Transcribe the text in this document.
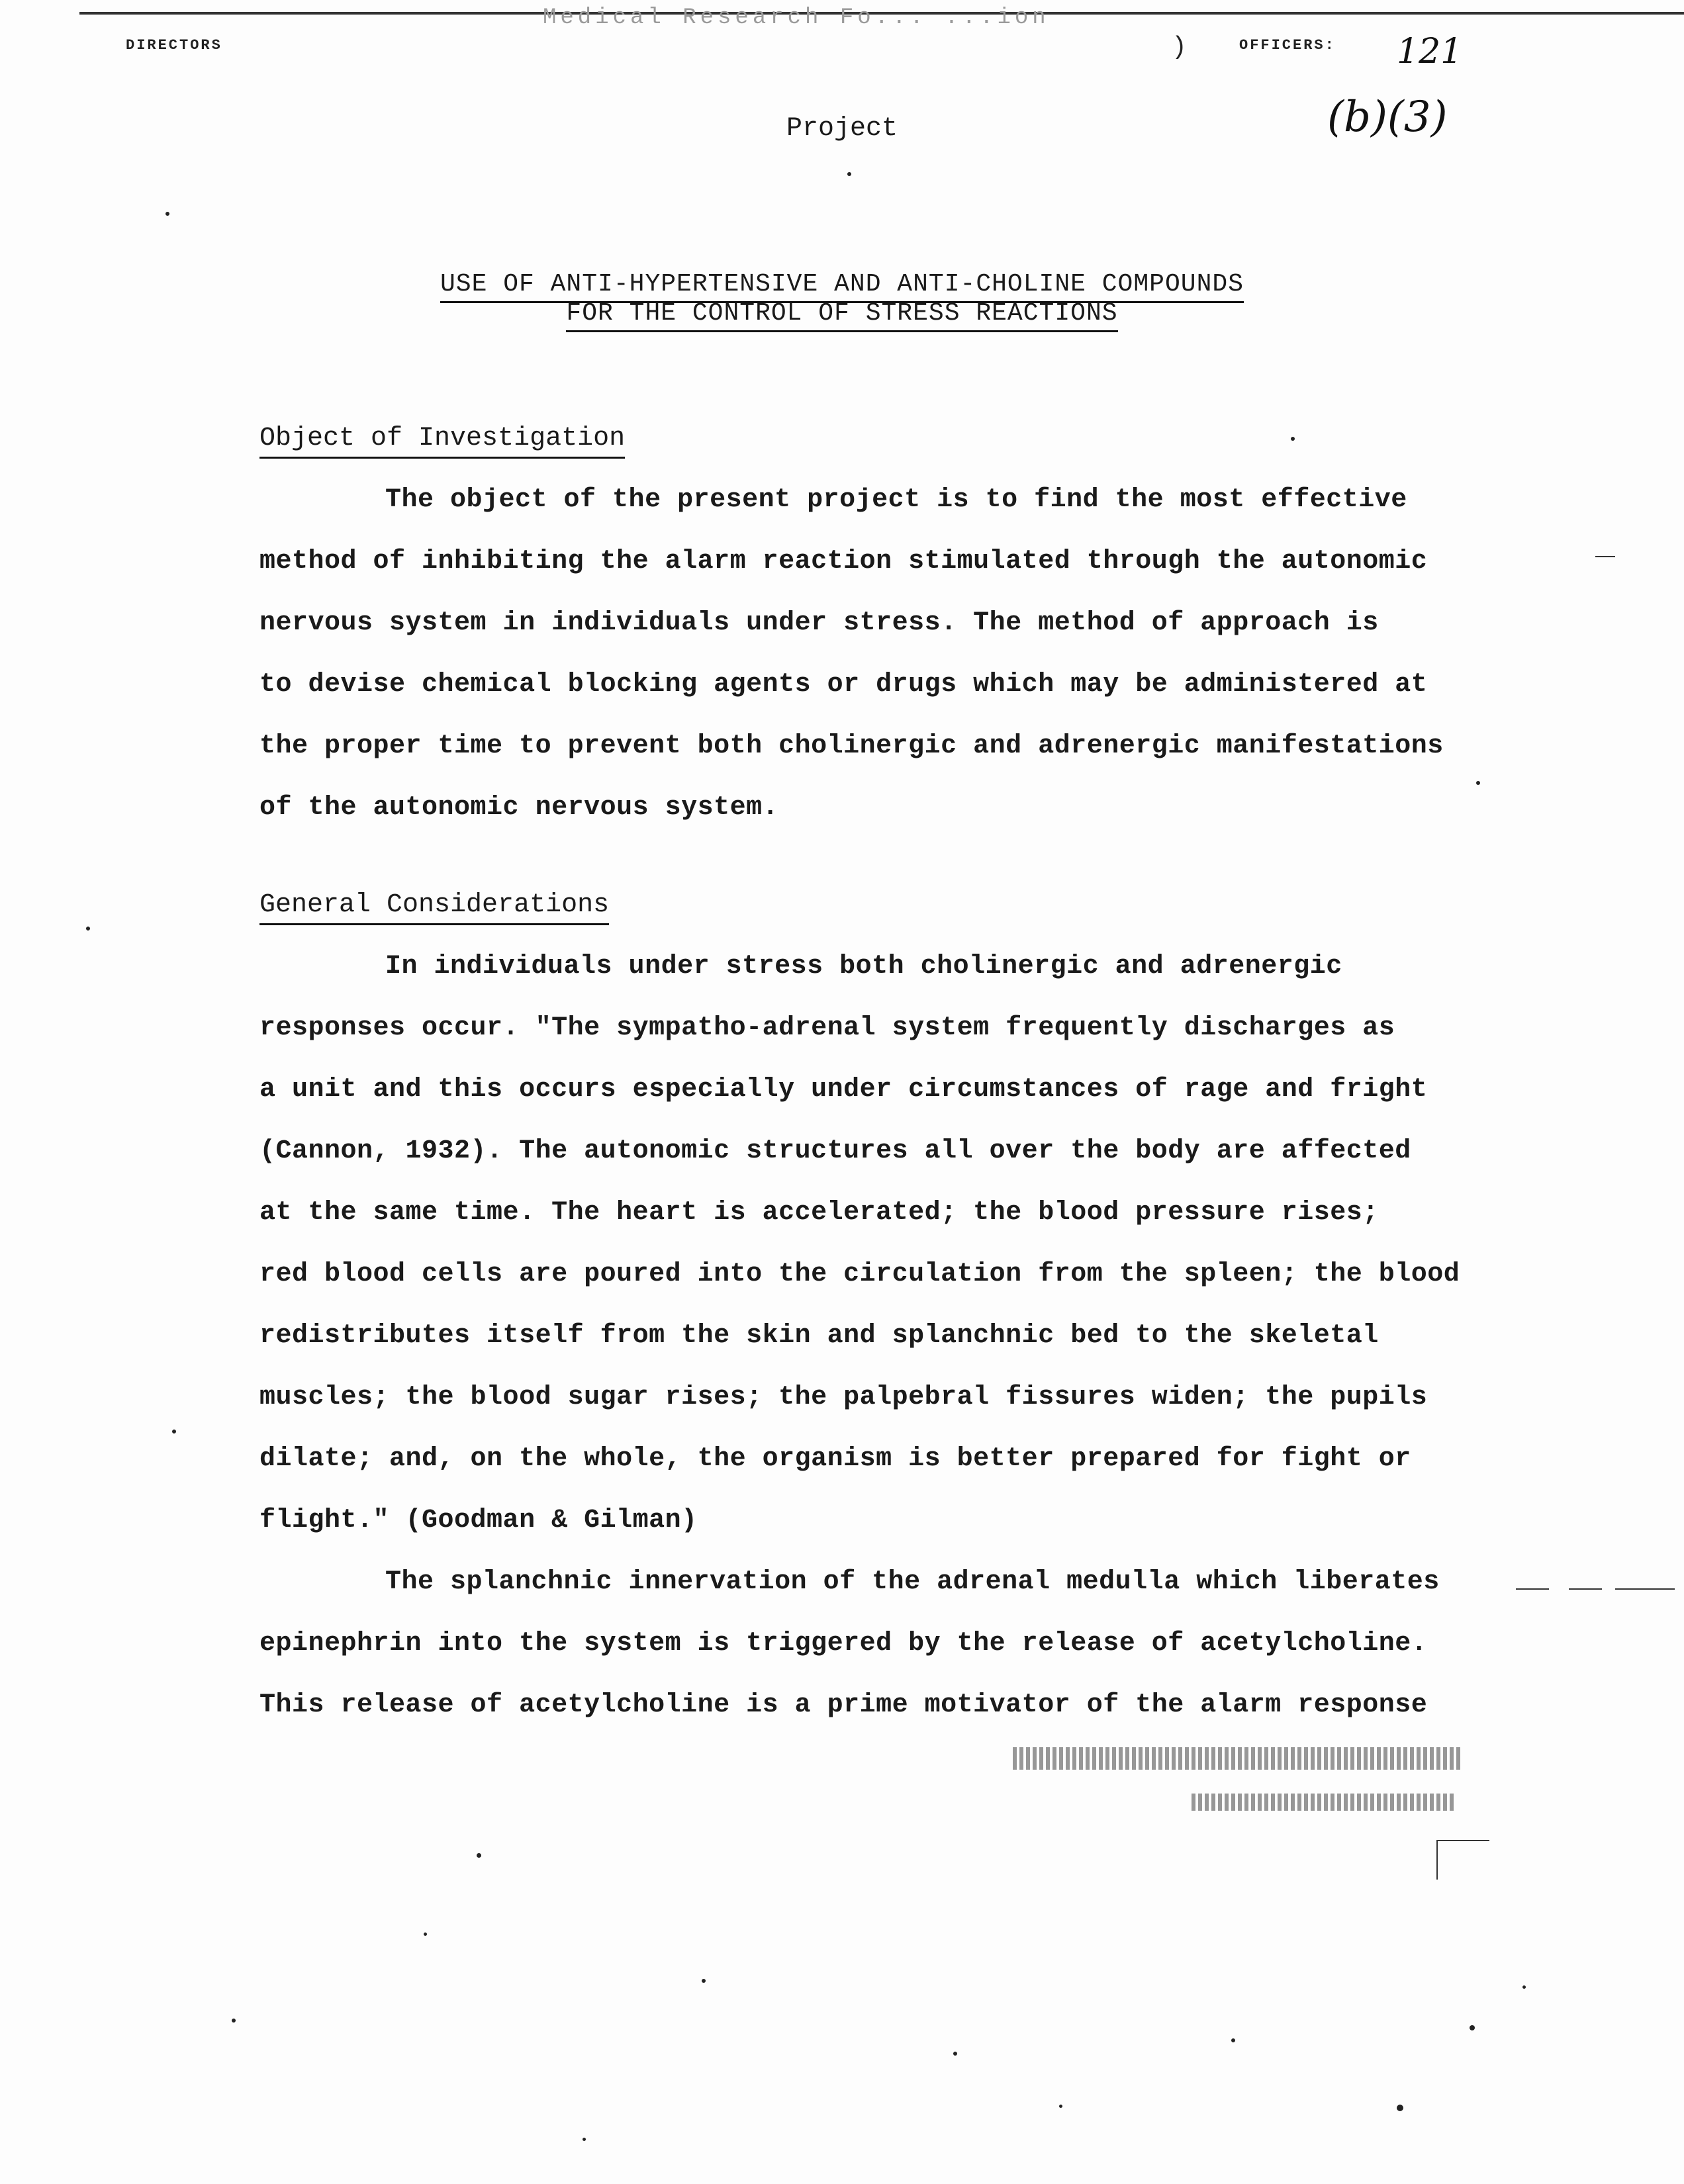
Medical Research Fo... ...ion
DIRECTORS	)	OFFICERS: 121
(b)(3)
Project
USE OF ANTI-HYPERTENSIVE AND ANTI-CHOLINE COMPOUNDS
FOR THE CONTROL OF STRESS REACTIONS
Object of Investigation
The object of the present project is to find the most effective
method of inhibiting the alarm reaction stimulated through the autonomic
nervous system in individuals under stress. The method of approach is
to devise chemical blocking agents or drugs which may be administered at
the proper time to prevent both cholinergic and adrenergic manifestations
of the autonomic nervous system.
General Considerations
In individuals under stress both cholinergic and adrenergic
responses occur. "The sympatho-adrenal system frequently discharges as
a unit and this occurs especially under circumstances of rage and fright
(Cannon, 1932). The autonomic structures all over the body are affected
at the same time. The heart is accelerated; the blood pressure rises;
red blood cells are poured into the circulation from the spleen; the blood
redistributes itself from the skin and splanchnic bed to the skeletal
muscles; the blood sugar rises; the palpebral fissures widen; the pupils
dilate; and, on the whole, the organism is better prepared for fight or
flight." (Goodman & Gilman)
The splanchnic innervation of the adrenal medulla which liberates
epinephrin into the system is triggered by the release of acetylcholine.
This release of acetylcholine is a prime motivator of the alarm response
